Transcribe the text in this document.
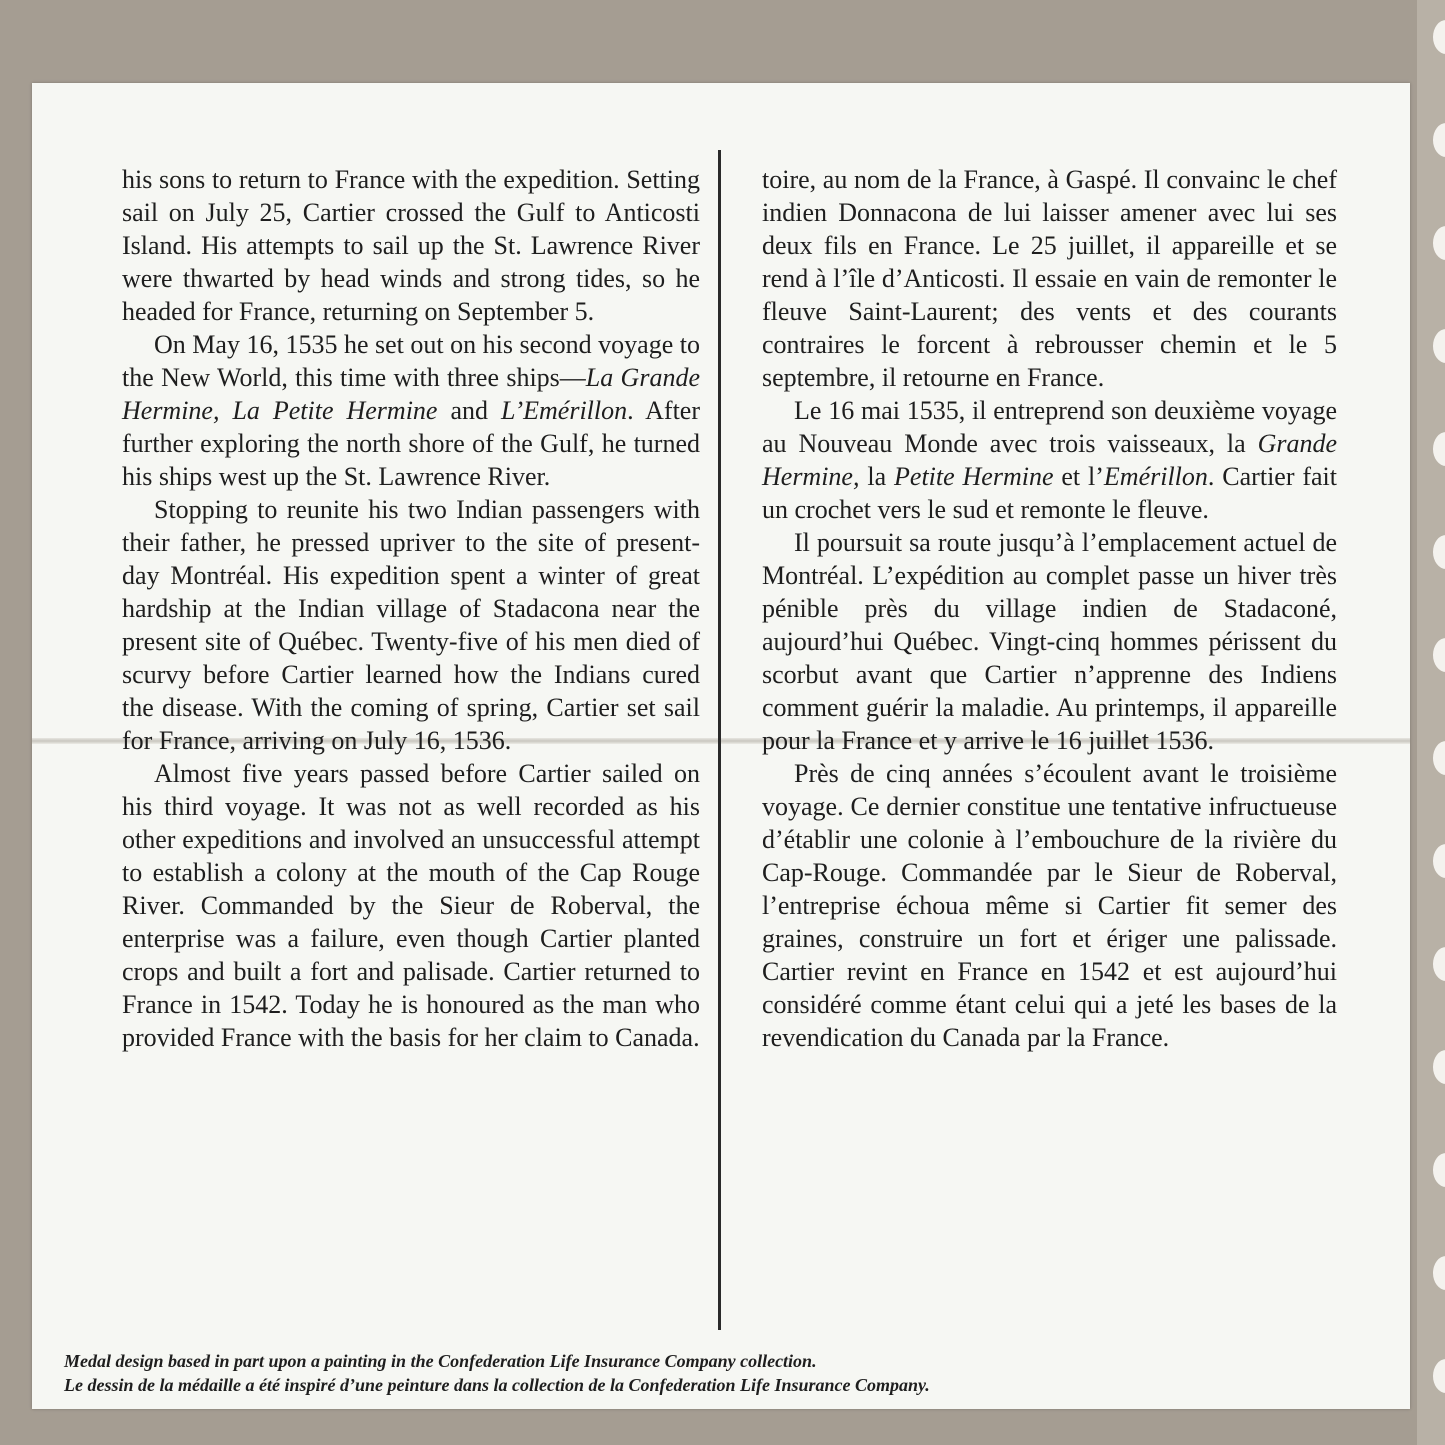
his sons to return to France with the expedition. Setting sail on July 25, Cartier crossed the Gulf to Anticosti Island. His attempts to sail up the St. Lawrence River were thwarted by head winds and strong tides, so he headed for France, returning on September 5.

On May 16, 1535 he set out on his second voyage to the New World, this time with three ships—La Grande Hermine, La Petite Hermine and L’Emérillon. After further exploring the north shore of the Gulf, he turned his ships west up the St. Lawrence River.

Stopping to reunite his two Indian passengers with their father, he pressed upriver to the site of present-day Montréal. His expedition spent a winter of great hardship at the Indian village of Stadacona near the present site of Québec. Twenty-five of his men died of scurvy before Cartier learned how the Indians cured the disease. With the coming of spring, Cartier set sail for France, arriving on July 16, 1536.

Almost five years passed before Cartier sailed on his third voyage. It was not as well recorded as his other expeditions and involved an unsuccessful attempt to establish a colony at the mouth of the Cap Rouge River. Commanded by the Sieur de Roberval, the enterprise was a failure, even though Cartier planted crops and built a fort and palisade. Cartier returned to France in 1542. Today he is honoured as the man who provided France with the basis for her claim to Canada.

toire, au nom de la France, à Gaspé. Il convainc le chef indien Donnacona de lui laisser amener avec lui ses deux fils en France. Le 25 juillet, il appareille et se rend à l’île d’Anticosti. Il essaie en vain de remonter le fleuve Saint-Laurent; des vents et des courants contraires le forcent à rebrousser chemin et le 5 septembre, il retourne en France.

Le 16 mai 1535, il entreprend son deuxième voyage au Nouveau Monde avec trois vaisseaux, la Grande Hermine, la Petite Hermine et l’Emérillon. Cartier fait un crochet vers le sud et remonte le fleuve.

Il poursuit sa route jusqu’à l’emplacement actuel de Montréal. L’expédition au complet passe un hiver très pénible près du village indien de Stadaconé, aujourd’hui Québec. Vingt-cinq hommes périssent du scorbut avant que Cartier n’apprenne des Indiens comment guérir la maladie. Au printemps, il appareille pour la France et y arrive le 16 juillet 1536.

Près de cinq années s’écoulent avant le troisième voyage. Ce dernier constitue une tentative infructueuse d’établir une colonie à l’embouchure de la rivière du Cap-Rouge. Commandée par le Sieur de Roberval, l’entreprise échoua même si Cartier fit semer des graines, construire un fort et ériger une palissade. Cartier revint en France en 1542 et est aujourd’hui considéré comme étant celui qui a jeté les bases de la revendication du Canada par la France.

Medal design based in part upon a painting in the Confederation Life Insurance Company collection.
Le dessin de la médaille a été inspiré d’une peinture dans la collection de la Confederation Life Insurance Company.
